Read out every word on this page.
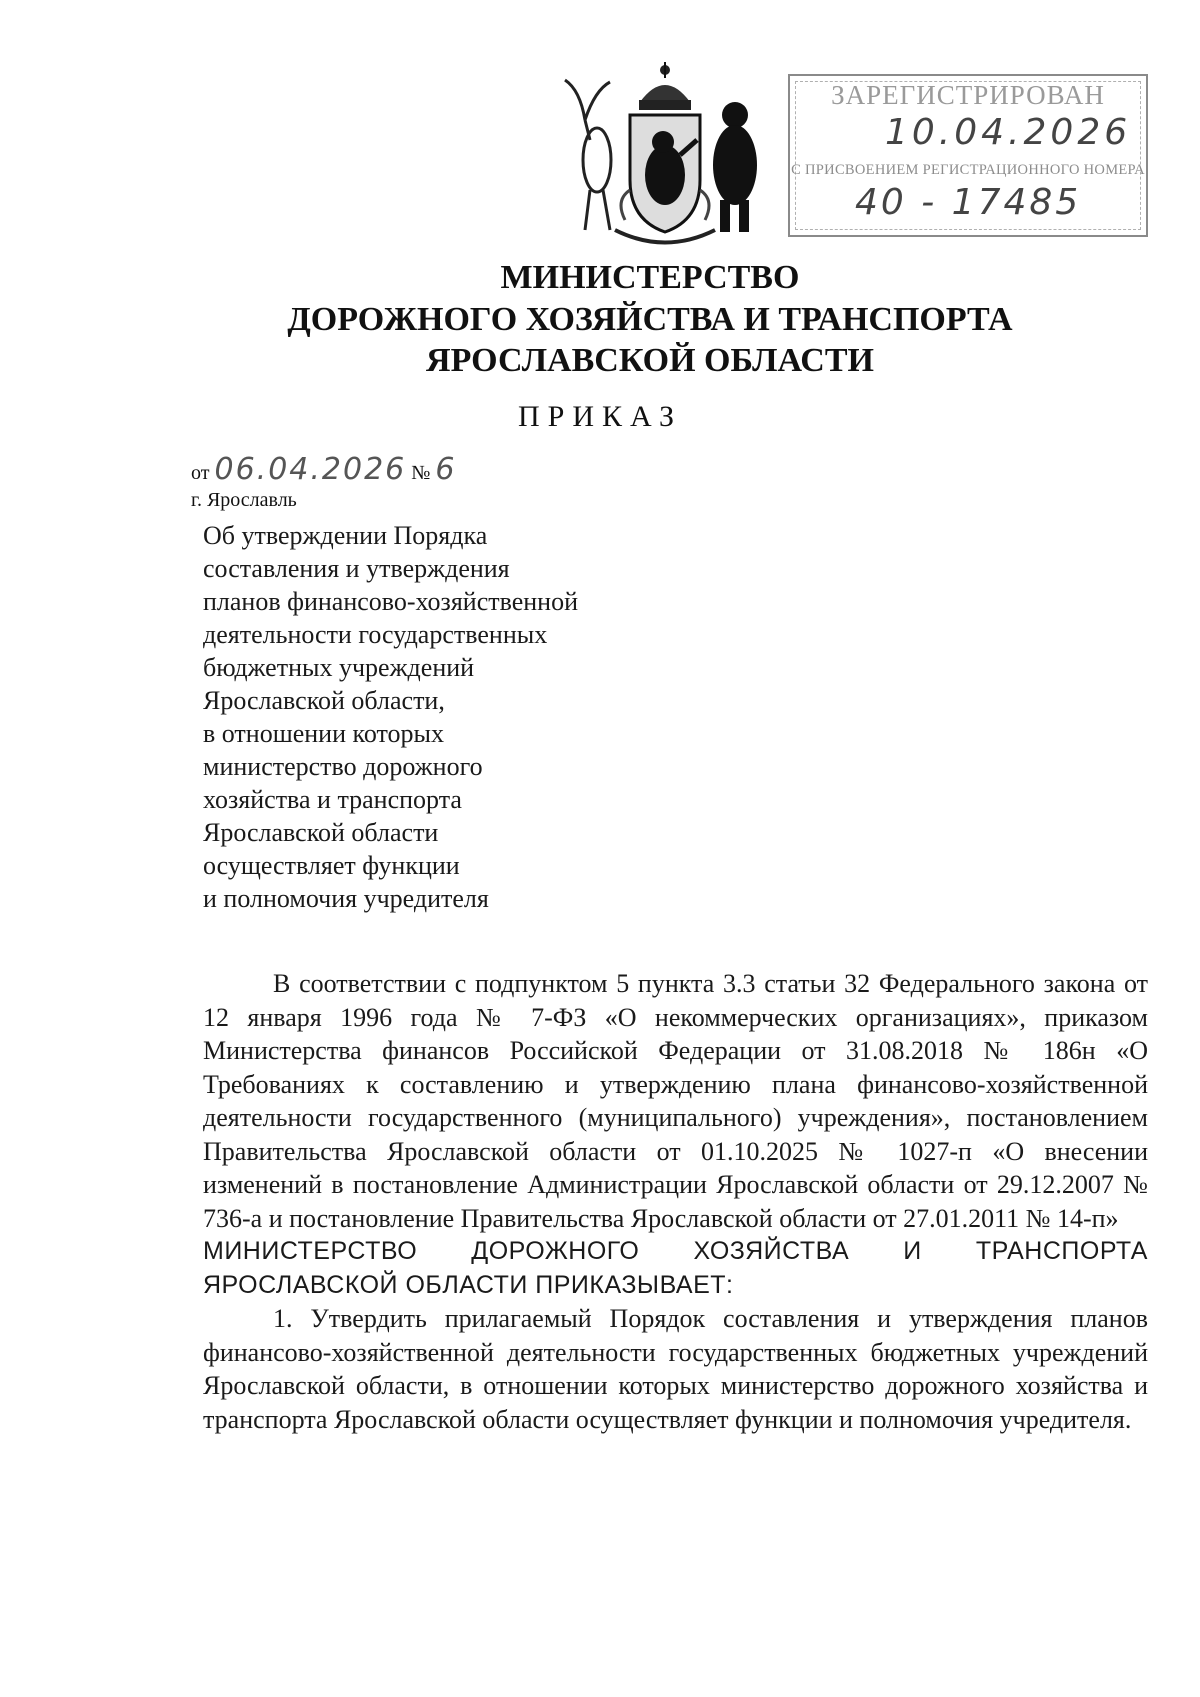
ЗАРЕГИСТРИРОВАН
10.04.2026
С ПРИСВОЕНИЕМ РЕГИСТРАЦИОННОГО НОМЕРА
40 - 17485
МИНИСТЕРСТВО
ДОРОЖНОГО ХОЗЯЙСТВА И ТРАНСПОРТА
ЯРОСЛАВСКОЙ ОБЛАСТИ
ПРИКАЗ
от 06.04.2026 № 6
г. Ярославль
Об утверждении Порядка
составления и утверждения
планов финансово-хозяйственной
деятельности государственных
бюджетных учреждений
Ярославской области,
в отношении которых
министерство дорожного
хозяйства и транспорта
Ярославской области
осуществляет функции
и полномочия учредителя

В соответствии с подпунктом 5 пункта 3.3 статьи 32 Федерального закона от 12 января 1996 года № 7-ФЗ «О некоммерческих организациях», приказом Министерства финансов Российской Федерации от 31.08.2018 № 186н «О Требованиях к составлению и утверждению плана финансово-хозяйственной деятельности государственного (муниципального) учреждения», постановлением Правительства Ярославской области от 01.10.2025 № 1027-п «О внесении изменений в постановление Администрации Ярославской области от 29.12.2007 № 736-а и постановление Правительства Ярославской области от 27.01.2011 № 14-п»

МИНИСТЕРСТВО ДОРОЖНОГО ХОЗЯЙСТВА И ТРАНСПОРТА ЯРОСЛАВСКОЙ ОБЛАСТИ ПРИКАЗЫВАЕТ:

1. Утвердить прилагаемый Порядок составления и утверждения планов финансово-хозяйственной деятельности государственных бюджетных учреждений Ярославской области, в отношении которых министерство дорожного хозяйства и транспорта Ярославской области осуществляет функции и полномочия учредителя.
